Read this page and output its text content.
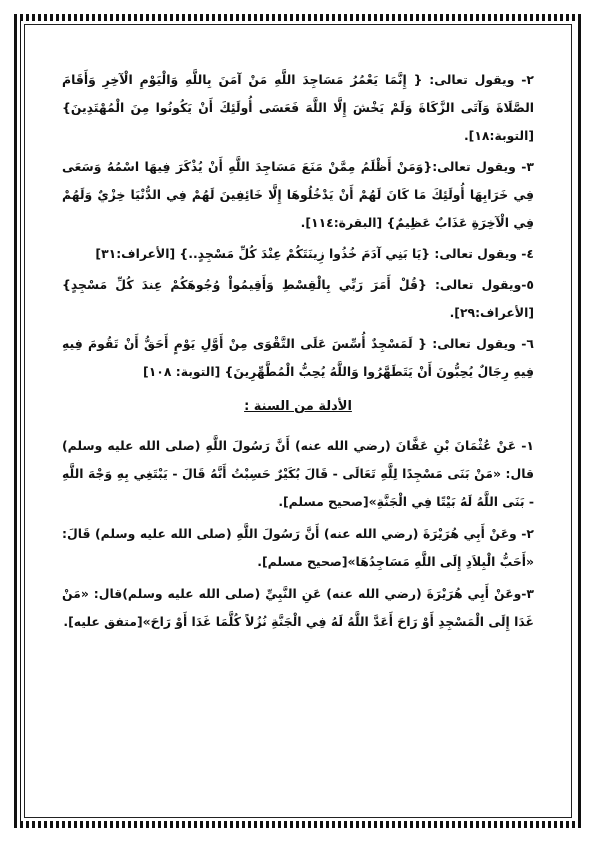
٢- ويقول تعالى: { إِنَّمَا يَعْمُرُ مَسَاجِدَ اللَّهِ مَنْ آمَنَ بِاللَّهِ وَالْيَوْمِ الْآخِرِ وَأَقَامَ الصَّلَاةَ وَآتَى الزَّكَاةَ وَلَمْ يَخْشَ إِلَّا اللَّهَ فَعَسَى أُولَئِكَ أَنْ يَكُونُوا مِنَ الْمُهْتَدِينَ} [التوبة:١٨].

٣- ويقول تعالى:{وَمَنْ أَظْلَمُ مِمَّنْ مَنَعَ مَسَاجِدَ اللَّهِ أَنْ يُذْكَرَ فِيهَا اسْمُهُ وَسَعَى فِي خَرَابِهَا أُولَئِكَ مَا كَانَ لَهُمْ أَنْ يَدْخُلُوهَا إِلَّا خَائِفِينَ لَهُمْ فِي الدُّنْيَا خِزْيٌ وَلَهُمْ فِي الْآخِرَةِ عَذَابٌ عَظِيمٌ} [البقرة:١١٤].

٤- ويقول تعالى: {يَا بَنِي آدَمَ خُذُوا زِينَتَكُمْ عِنْدَ كُلِّ مَسْجِدٍ..} [الأعراف:٣١]

٥-ويقول تعالى: {قُلْ أَمَرَ رَبِّي بِالْقِسْطِ وَأَقِيمُواْ وُجُوهَكُمْ عِندَ كُلِّ مَسْجِدٍ} [الأعراف:٢٩].

٦- ويقول تعالى: { لَمَسْجِدٌ أُسِّسَ عَلَى التَّقْوَى مِنْ أَوَّلِ يَوْمٍ أَحَقُّ أَنْ تَقُومَ فِيهِ فِيهِ رِجَالٌ يُحِبُّونَ أَنْ يَتَطَهَّرُوا وَاللَّهُ يُحِبُّ الْمُطَّهِّرِينَ} [التوبة: ١٠٨]

الأدلة من السنة :

١- عَنْ عُثْمَانَ بْنِ عَفَّانَ (رضي الله عنه) أَنَّ رَسُولَ اللَّهِ (صلى الله عليه وسلم) قال: «مَنْ بَنَى مَسْجِدًا لِلَّهِ تَعَالَى - قَالَ بُكَيْرٌ حَسِبْتُ أَنَّهُ قَالَ - يَبْتَغِي بِهِ وَجْهَ اللَّهِ - بَنَى اللَّهُ لَهُ بَيْتًا فِي الْجَنَّةِ»[صحيح مسلم].

٢- وعَنْ أَبِي هُرَيْرَةَ (رضي الله عنه) أَنَّ رَسُولَ اللَّهِ (صلى الله عليه وسلم) قَالَ: «أَحَبُّ الْبِلاَدِ إِلَى اللَّهِ مَسَاجِدُهَا»[صحيح مسلم].

٣-وعَنْ أَبِي هُرَيْرَةَ (رضي الله عنه) عَنِ النَّبِيِّ (صلى الله عليه وسلم)قال: «مَنْ غَدَا إِلَى الْمَسْجِدِ أَوْ رَاحَ أَعَدَّ اللَّهُ لَهُ فِي الْجَنَّةِ نُزُلاً كُلَّمَا غَدَا أَوْ رَاحَ»[متفق عليه].
